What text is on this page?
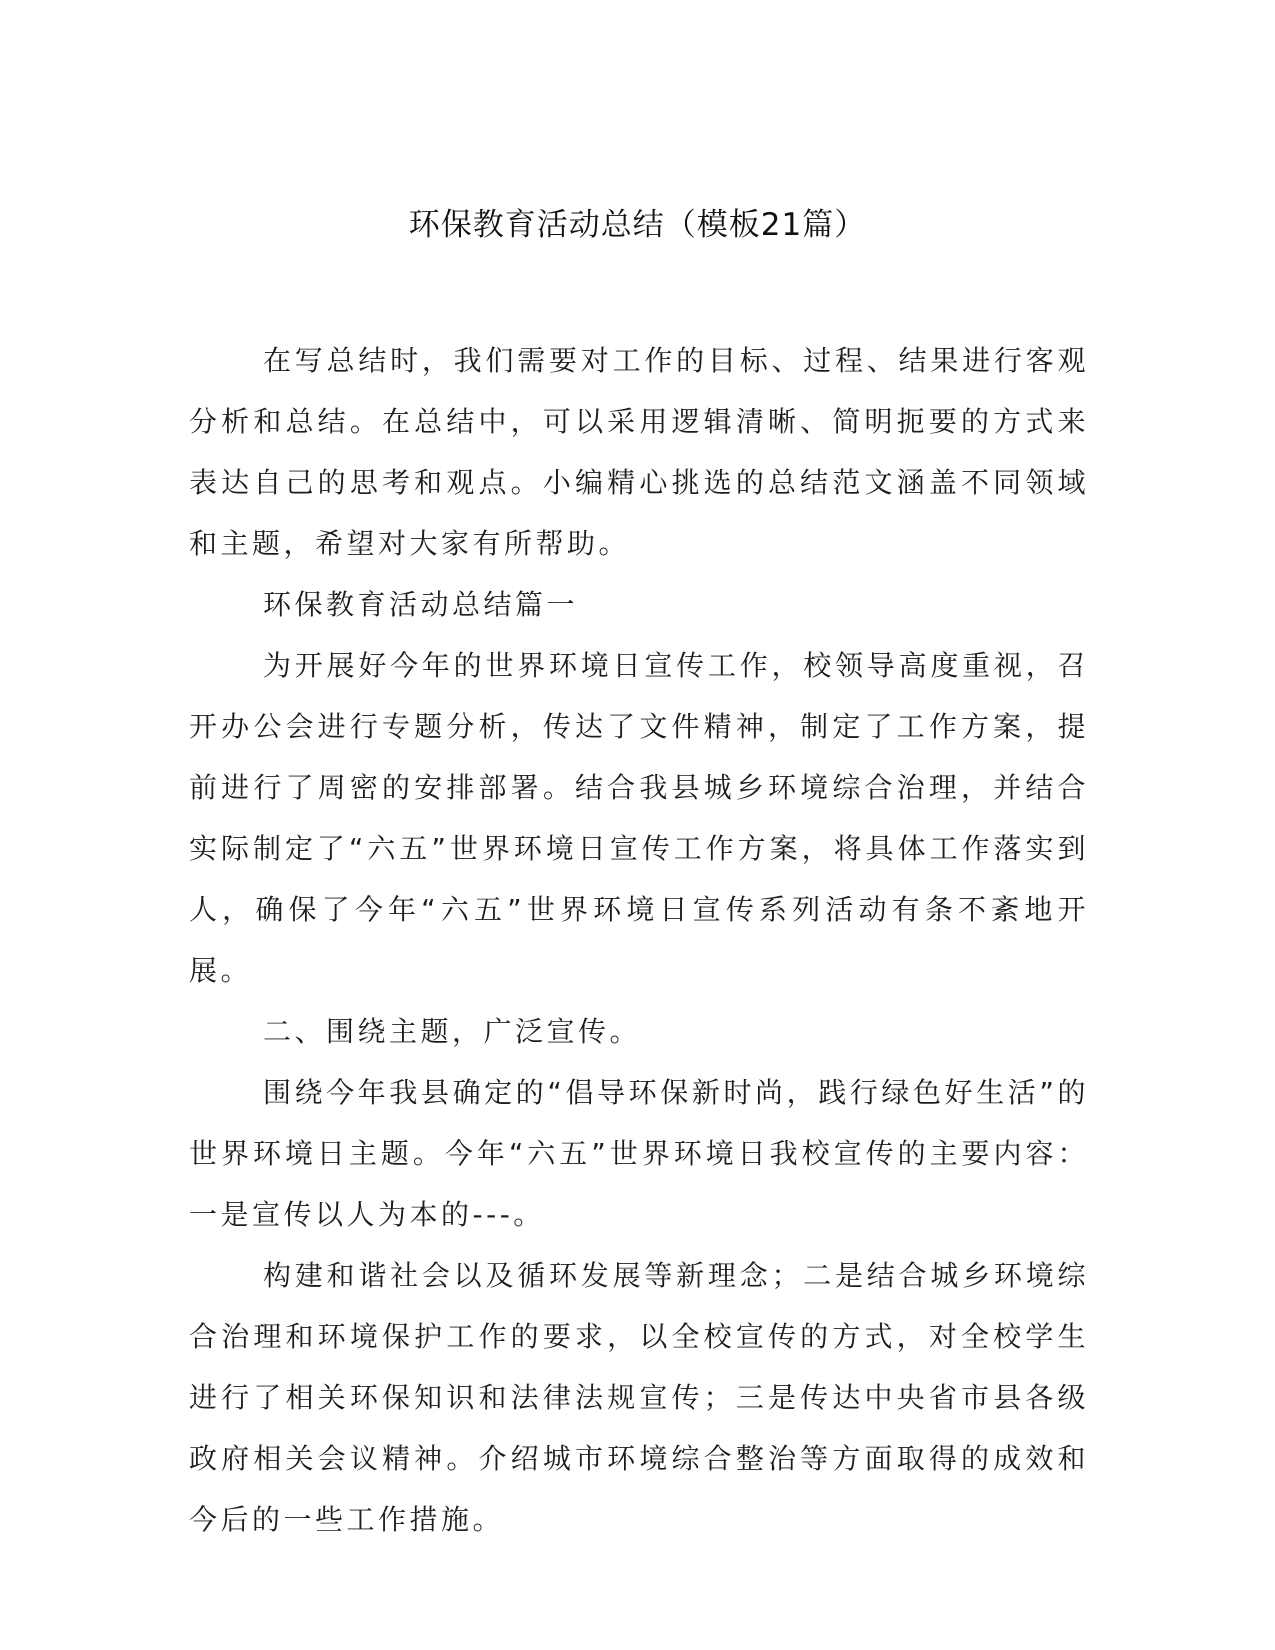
环保教育活动总结（模板21篇）

在写总结时，我们需要对工作的目标、过程、结果进行客观分析和总结。在总结中，可以采用逻辑清晰、简明扼要的方式来表达自己的思考和观点。小编精心挑选的总结范文涵盖不同领域和主题，希望对大家有所帮助。

环保教育活动总结篇一

为开展好今年的世界环境日宣传工作，校领导高度重视，召开办公会进行专题分析，传达了文件精神，制定了工作方案，提前进行了周密的安排部署。结合我县城乡环境综合治理，并结合实际制定了“六五”世界环境日宣传工作方案，将具体工作落实到人，确保了今年“六五”世界环境日宣传系列活动有条不紊地开展。

二、围绕主题，广泛宣传。

围绕今年我县确定的“倡导环保新时尚，践行绿色好生活”的世界环境日主题。今年“六五”世界环境日我校宣传的主要内容：一是宣传以人为本的---。

构建和谐社会以及循环发展等新理念；二是结合城乡环境综合治理和环境保护工作的要求，以全校宣传的方式，对全校学生进行了相关环保知识和法律法规宣传；三是传达中央省市县各级政府相关会议精神。介绍城市环境综合整治等方面取得的成效和今后的一些工作措施。
